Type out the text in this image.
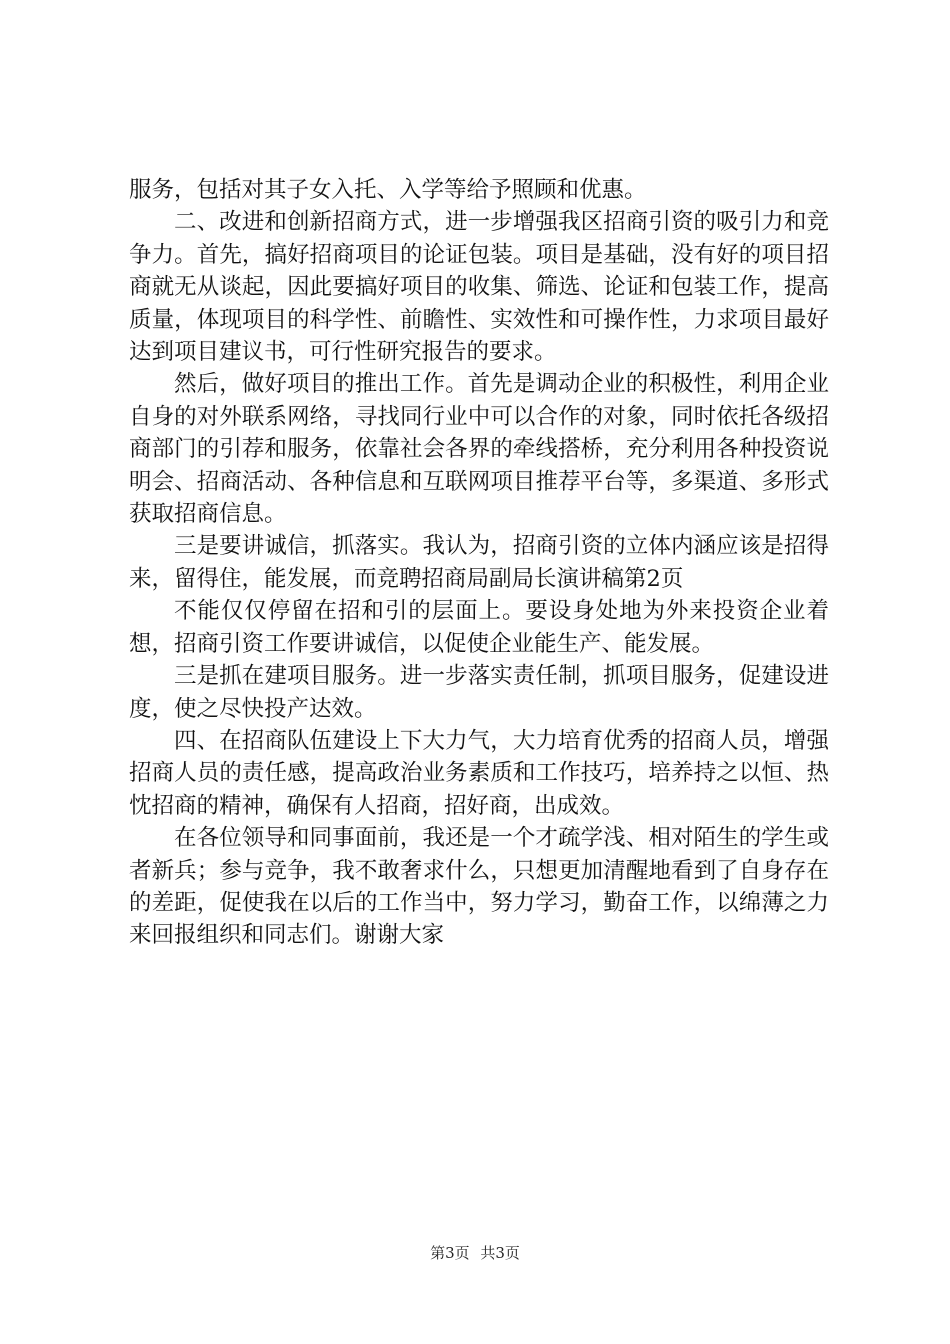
服务，包括对其子女入托、入学等给予照顾和优惠。

二、改进和创新招商方式，进一步增强我区招商引资的吸引力和竞争力。首先，搞好招商项目的论证包装。项目是基础，没有好的项目招商就无从谈起，因此要搞好项目的收集、筛选、论证和包装工作，提高质量，体现项目的科学性、前瞻性、实效性和可操作性，力求项目最好达到项目建议书，可行性研究报告的要求。

然后，做好项目的推出工作。首先是调动企业的积极性，利用企业自身的对外联系网络，寻找同行业中可以合作的对象，同时依托各级招商部门的引荐和服务，依靠社会各界的牵线搭桥，充分利用各种投资说明会、招商活动、各种信息和互联网项目推荐平台等，多渠道、多形式获取招商信息。

三是要讲诚信，抓落实。我认为，招商引资的立体内涵应该是招得来，留得住，能发展，而竞聘招商局副局长演讲稿第2页

不能仅仅停留在招和引的层面上。要设身处地为外来投资企业着想，招商引资工作要讲诚信，以促使企业能生产、能发展。

三是抓在建项目服务。进一步落实责任制，抓项目服务，促建设进度，使之尽快投产达效。

四、在招商队伍建设上下大力气，大力培育优秀的招商人员，增强招商人员的责任感，提高政治业务素质和工作技巧，培养持之以恒、热忱招商的精神，确保有人招商，招好商，出成效。

在各位领导和同事面前，我还是一个才疏学浅、相对陌生的学生或者新兵；参与竞争，我不敢奢求什么，只想更加清醒地看到了自身存在的差距，促使我在以后的工作当中，努力学习，勤奋工作，以绵薄之力来回报组织和同志们。谢谢大家

第3页 共3页
